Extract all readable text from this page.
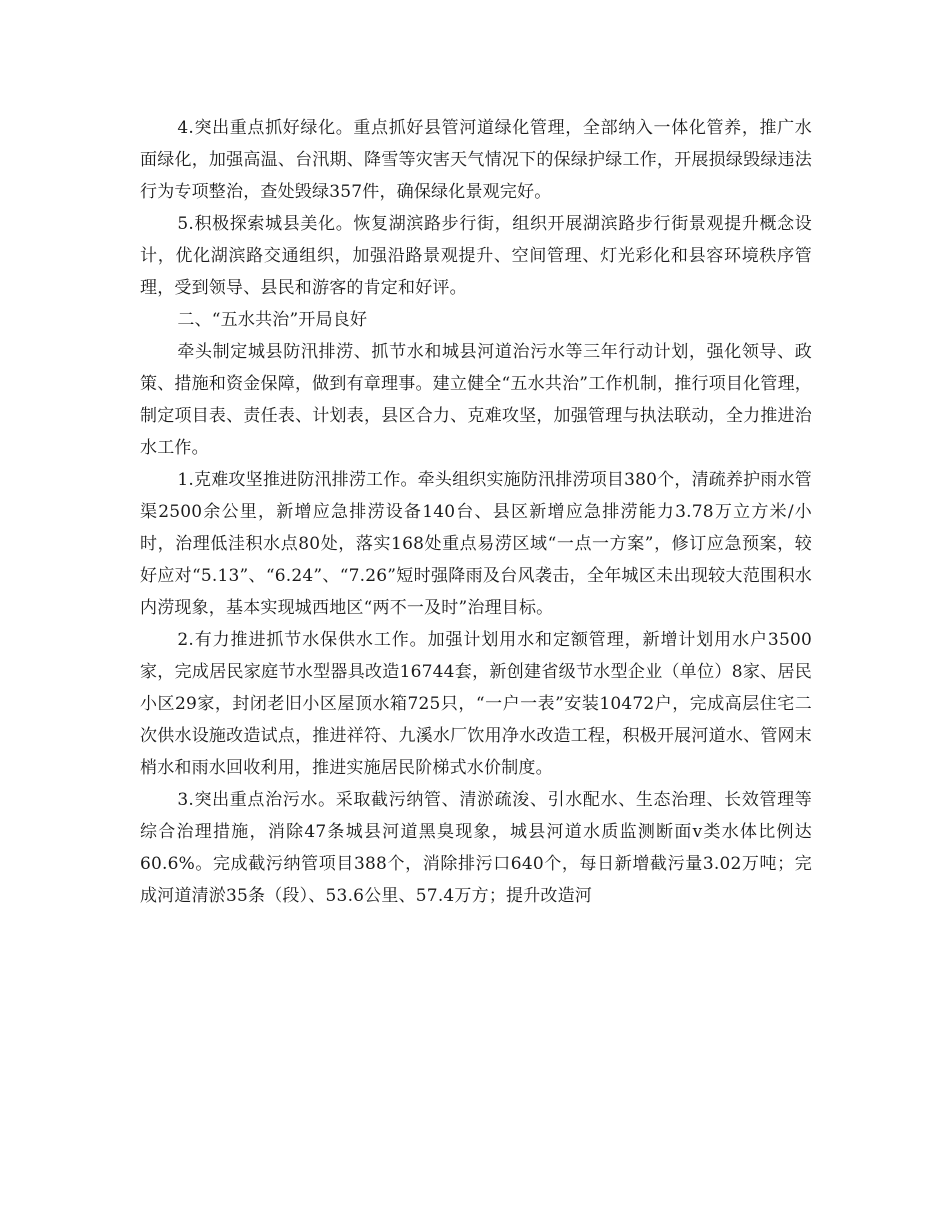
4.突出重点抓好绿化。重点抓好县管河道绿化管理，全部纳入一体化管养，推广水面绿化，加强高温、台汛期、降雪等灾害天气情况下的保绿护绿工作，开展损绿毁绿违法行为专项整治，查处毁绿357件，确保绿化景观完好。

5.积极探索城县美化。恢复湖滨路步行街，组织开展湖滨路步行街景观提升概念设计，优化湖滨路交通组织，加强沿路景观提升、空间管理、灯光彩化和县容环境秩序管理，受到领导、县民和游客的肯定和好评。

二、“五水共治”开局良好

牵头制定城县防汛排涝、抓节水和城县河道治污水等三年行动计划，强化领导、政策、措施和资金保障，做到有章理事。建立健全“五水共治”工作机制，推行项目化管理，制定项目表、责任表、计划表，县区合力、克难攻坚，加强管理与执法联动，全力推进治水工作。

1.克难攻坚推进防汛排涝工作。牵头组织实施防汛排涝项目380个，清疏养护雨水管渠2500余公里，新增应急排涝设备140台、县区新增应急排涝能力3.78万立方米/小时，治理低洼积水点80处，落实168处重点易涝区域“一点一方案”，修订应急预案，较好应对“5.13”、“6.24”、“7.26”短时强降雨及台风袭击，全年城区未出现较大范围积水内涝现象，基本实现城西地区“两不一及时”治理目标。

2.有力推进抓节水保供水工作。加强计划用水和定额管理，新增计划用水户3500家，完成居民家庭节水型器具改造16744套，新创建省级节水型企业（单位）8家、居民小区29家，封闭老旧小区屋顶水箱725只，“一户一表”安装10472户，完成高层住宅二次供水设施改造试点，推进祥符、九溪水厂饮用净水改造工程，积极开展河道水、管网末梢水和雨水回收利用，推进实施居民阶梯式水价制度。

3.突出重点治污水。采取截污纳管、清淤疏浚、引水配水、生态治理、长效管理等综合治理措施，消除47条城县河道黑臭现象，城县河道水质监测断面ⅴ类水体比例达60.6%。完成截污纳管项目388个，消除排污口640个，每日新增截污量3.02万吨；完成河道清淤35条（段）、53.6公里、57.4万方；提升改造河
